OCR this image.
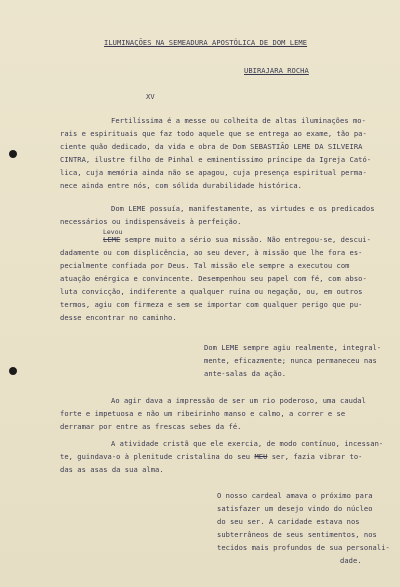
ILUMINAÇÕES NA SEMEADURA APOSTÓLICA DE DOM LEME
UBIRAJARA ROCHA
XV
Fertilíssima é a messe ou colheita de altas iluminações mo-
rais e espirituais que faz todo aquele que se entrega ao exame, tão pa-
ciente quão dedicado, da vida e obra de Dom SEBASTIÃO LEME DA SILVEIRA
CINTRA, ilustre filho de Pinhal e eminentíssimo príncipe da Igreja Cató-
lica, cuja memória ainda não se apagou, cuja presença espiritual perma-
nece ainda entre nós, com sólida durabilidade histórica.
Dom LEME possuía, manifestamente, as virtudes e os predicados
necessários ou indispensáveis à perfeição.
Levou
LEME sempre muito a sério sua missão. Não entregou-se, descui-
dadamente ou com displicência, ao seu dever, à missão que lhe fora es-
pecialmente confiada por Deus. Tal missão ele sempre a executou com
atuação enérgica e convincente. Desempenhou seu papel com fé, com abso-
luta convicção, indiferente a qualquer ruína ou negação, ou, em outros
termos, agiu com firmeza e sem se importar com qualquer perigo que pu-
desse encontrar no caminho.
Dom LEME sempre agiu realmente, integral-
mente, eficazmente; nunca permaneceu nas
ante-salas da ação.
Ao agir dava a impressão de ser um rio poderoso, uma caudal
forte e impetuosa e não um ribeirinho manso e calmo, a correr e se
derramar por entre as frescas sebes da fé.
A atividade cristã que ele exercia, de modo contínuo, incessan-
te, guindava-o à plenitude cristalina do seu MEU ser, fazia vibrar to-
das as asas da sua alma.
O nosso cardeal amava o próximo para
satisfazer um desejo vindo do núcleo
do seu ser. A caridade estava nos
subterrâneos de seus sentimentos, nos
tecidos mais profundos de sua personali-
dade.
